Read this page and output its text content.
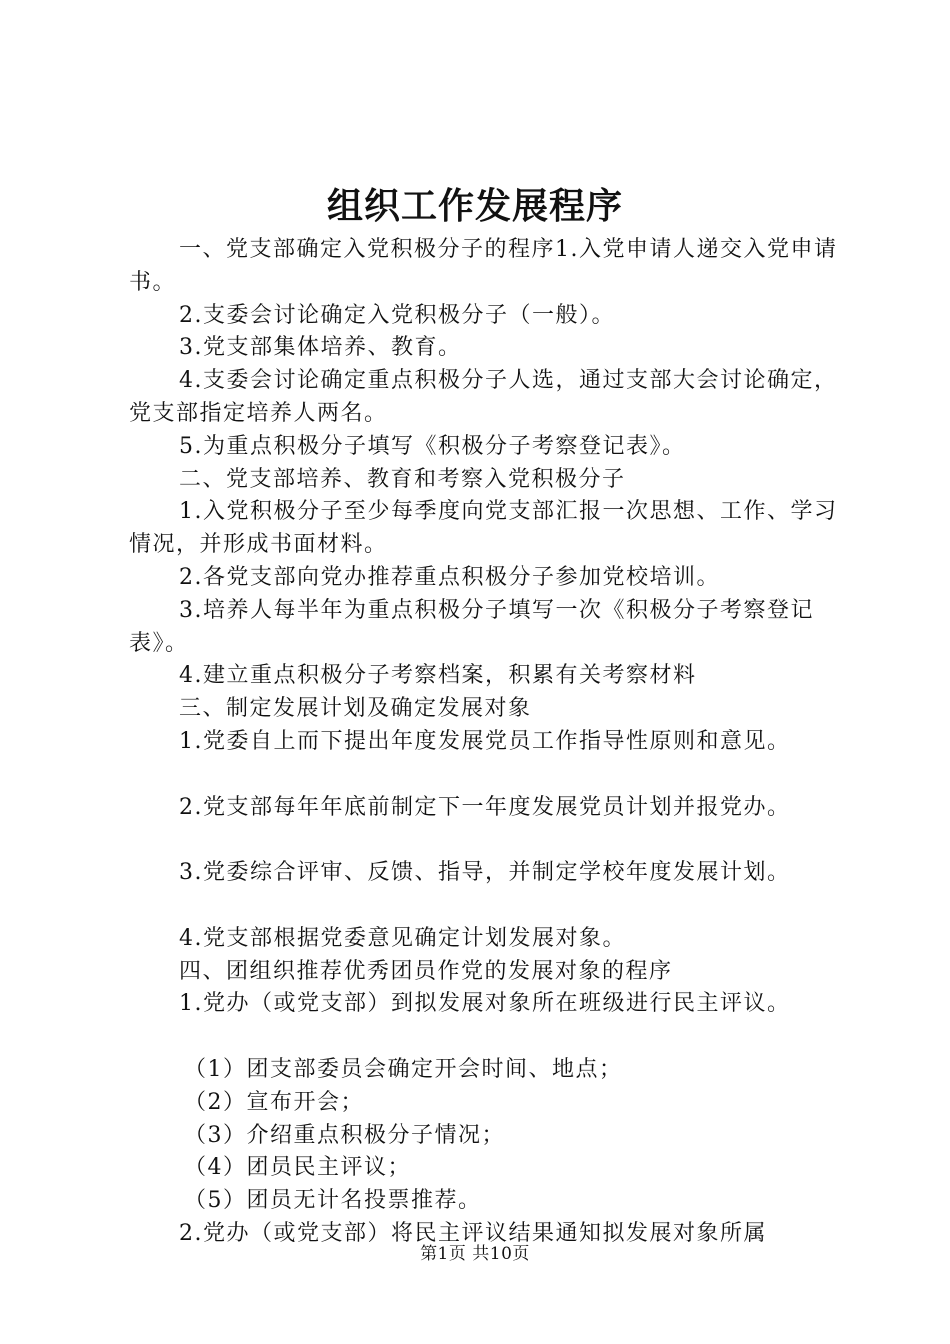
组织工作发展程序

一、党支部确定入党积极分子的程序1.入党申请人递交入党申请书。

2.支委会讨论确定入党积极分子（一般）。

3.党支部集体培养、教育。

4.支委会讨论确定重点积极分子人选，通过支部大会讨论确定，党支部指定培养人两名。

5.为重点积极分子填写《积极分子考察登记表》。

二、党支部培养、教育和考察入党积极分子

1.入党积极分子至少每季度向党支部汇报一次思想、工作、学习情况，并形成书面材料。

2.各党支部向党办推荐重点积极分子参加党校培训。

3.培养人每半年为重点积极分子填写一次《积极分子考察登记表》。

4.建立重点积极分子考察档案，积累有关考察材料

三、制定发展计划及确定发展对象

1.党委自上而下提出年度发展党员工作指导性原则和意见。

2.党支部每年年底前制定下一年度发展党员计划并报党办。

3.党委综合评审、反馈、指导，并制定学校年度发展计划。

4.党支部根据党委意见确定计划发展对象。

四、团组织推荐优秀团员作党的发展对象的程序

1.党办（或党支部）到拟发展对象所在班级进行民主评议。

（1）团支部委员会确定开会时间、地点；

（2）宣布开会；

（3）介绍重点积极分子情况；

（4）团员民主评议；

（5）团员无计名投票推荐。

2.党办（或党支部）将民主评议结果通知拟发展对象所属

第1页 共10页
